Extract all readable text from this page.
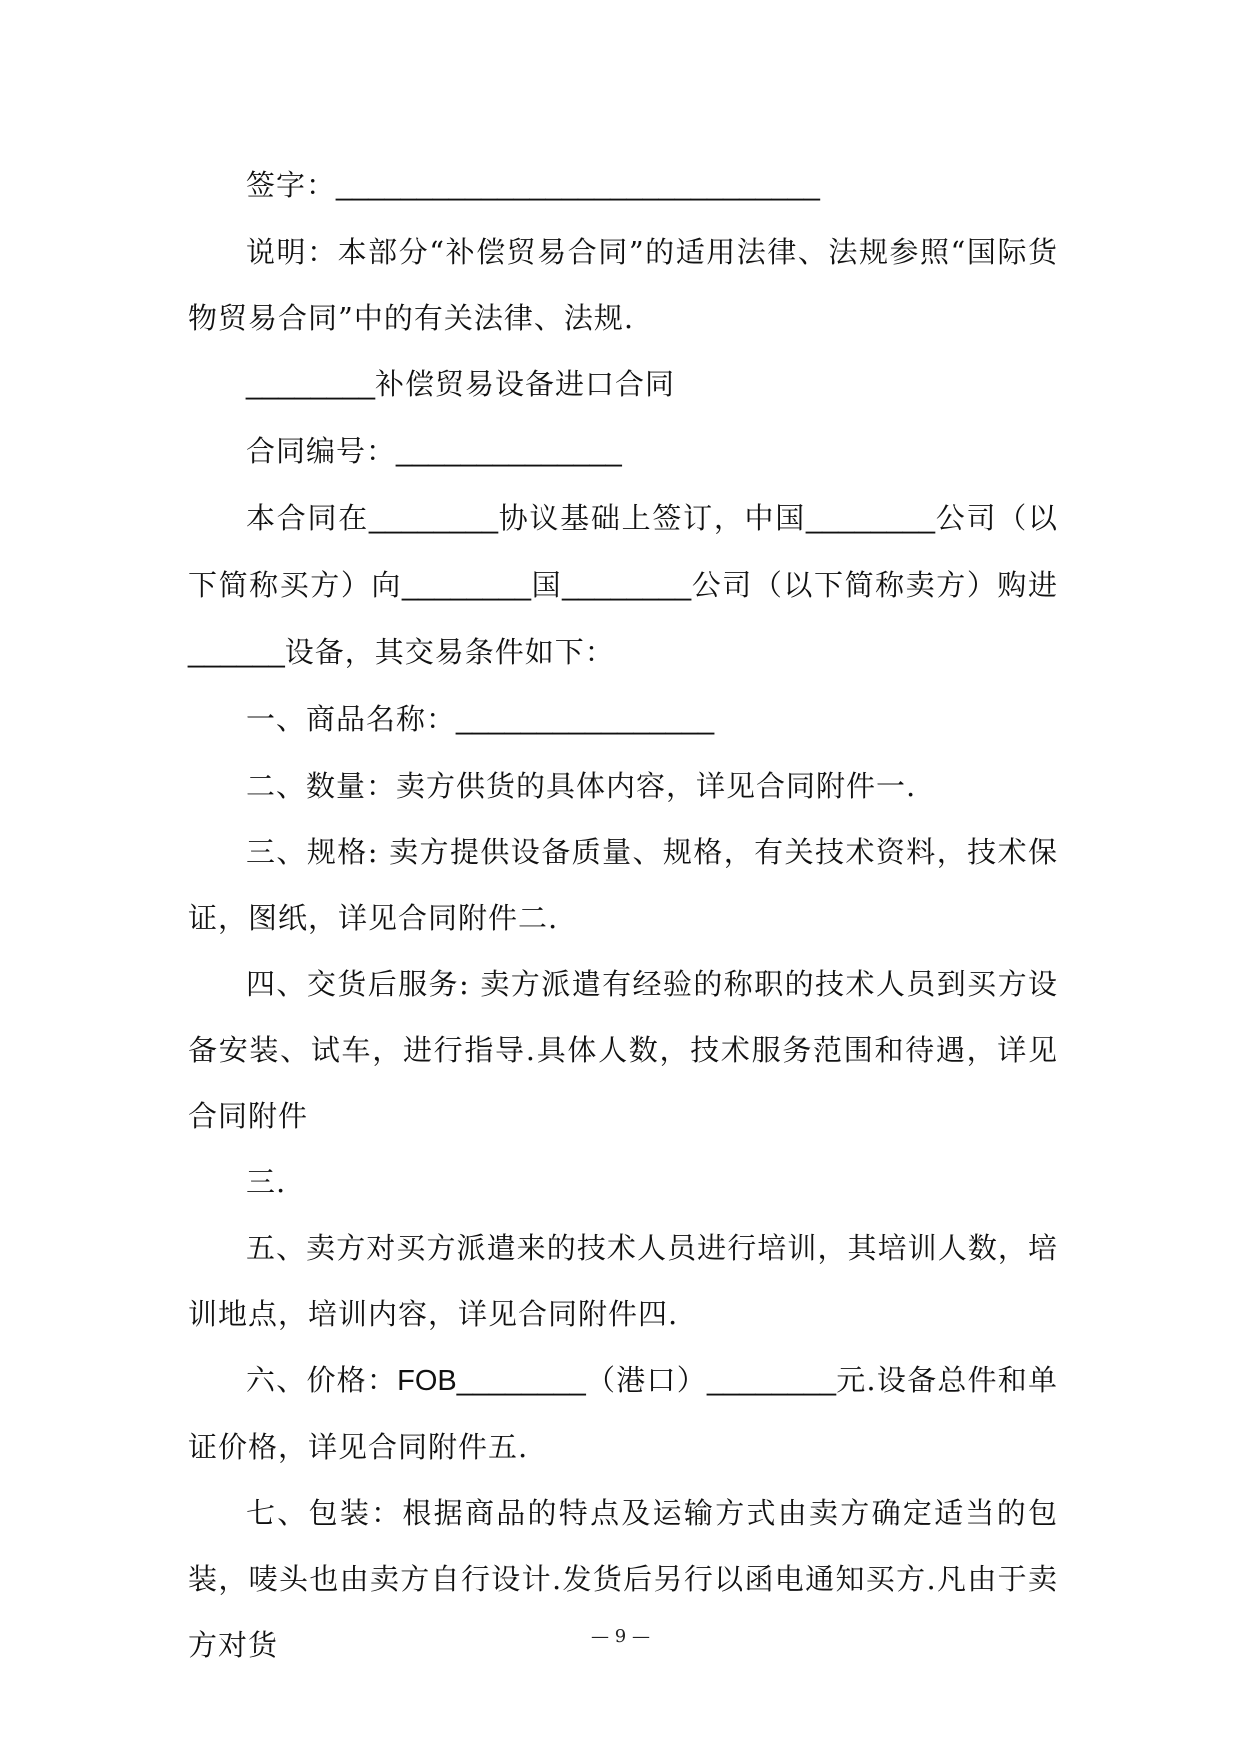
签字：______________________________

说明：本部分“补偿贸易合同”的适用法律、法规参照“国际货物贸易合同”中的有关法律、法规.

________补偿贸易设备进口合同

合同编号：______________

本合同在________协议基础上签订，中国________公司（以下简称买方）向________国________公司（以下简称卖方）购进______设备，其交易条件如下：

一、商品名称：________________

二、数量：卖方供货的具体内容，详见合同附件一.

三、规格: 卖方提供设备质量、规格，有关技术资料，技术保证，图纸，详见合同附件二.

四、交货后服务: 卖方派遣有经验的称职的技术人员到买方设备安装、试车，进行指导.具体人数，技术服务范围和待遇，详见合同附件

三.

五、卖方对买方派遣来的技术人员进行培训，其培训人数，培训地点，培训内容，详见合同附件四.

六、价格：FOB________（港口）________元.设备总件和单证价格，详见合同附件五.

七、包装：根据商品的特点及运输方式由卖方确定适当的包装，唛头也由卖方自行设计.发货后另行以函电通知买方.凡由于卖方对货	— 9 —
